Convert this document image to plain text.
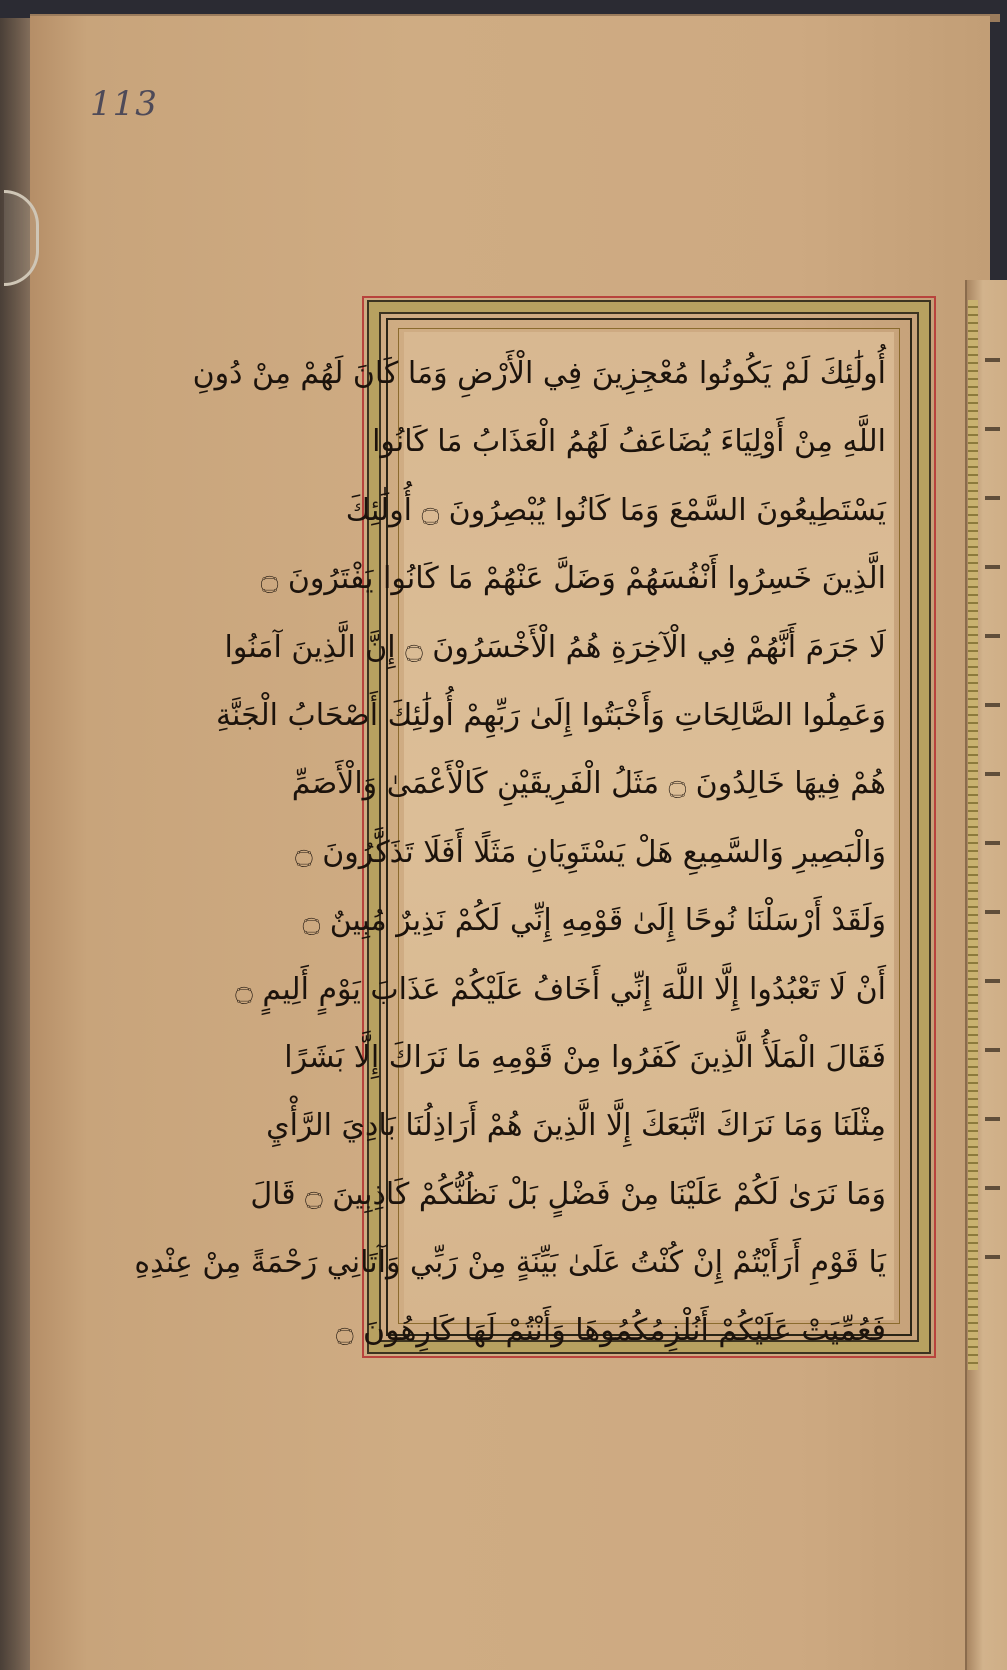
113
أُولَٰئِكَ لَمْ يَكُونُوا مُعْجِزِينَ فِي الْأَرْضِ وَمَا كَانَ لَهُمْ مِنْ دُونِ
اللَّهِ مِنْ أَوْلِيَاءَ يُضَاعَفُ لَهُمُ الْعَذَابُ مَا كَانُوا
يَسْتَطِيعُونَ السَّمْعَ وَمَا كَانُوا يُبْصِرُونَ ۝ أُولَٰئِكَ
الَّذِينَ خَسِرُوا أَنْفُسَهُمْ وَضَلَّ عَنْهُمْ مَا كَانُوا يَفْتَرُونَ ۝
لَا جَرَمَ أَنَّهُمْ فِي الْآخِرَةِ هُمُ الْأَخْسَرُونَ ۝ إِنَّ الَّذِينَ آمَنُوا
وَعَمِلُوا الصَّالِحَاتِ وَأَخْبَتُوا إِلَىٰ رَبِّهِمْ أُولَٰئِكَ أَصْحَابُ الْجَنَّةِ
هُمْ فِيهَا خَالِدُونَ ۝ مَثَلُ الْفَرِيقَيْنِ كَالْأَعْمَىٰ وَالْأَصَمِّ
وَالْبَصِيرِ وَالسَّمِيعِ هَلْ يَسْتَوِيَانِ مَثَلًا أَفَلَا تَذَكَّرُونَ ۝
وَلَقَدْ أَرْسَلْنَا نُوحًا إِلَىٰ قَوْمِهِ إِنِّي لَكُمْ نَذِيرٌ مُبِينٌ ۝
أَنْ لَا تَعْبُدُوا إِلَّا اللَّهَ إِنِّي أَخَافُ عَلَيْكُمْ عَذَابَ يَوْمٍ أَلِيمٍ ۝
فَقَالَ الْمَلَأُ الَّذِينَ كَفَرُوا مِنْ قَوْمِهِ مَا نَرَاكَ إِلَّا بَشَرًا
مِثْلَنَا وَمَا نَرَاكَ اتَّبَعَكَ إِلَّا الَّذِينَ هُمْ أَرَاذِلُنَا بَادِيَ الرَّأْيِ
وَمَا نَرَىٰ لَكُمْ عَلَيْنَا مِنْ فَضْلٍ بَلْ نَظُنُّكُمْ كَاذِبِينَ ۝ قَالَ
يَا قَوْمِ أَرَأَيْتُمْ إِنْ كُنْتُ عَلَىٰ بَيِّنَةٍ مِنْ رَبِّي وَآتَانِي رَحْمَةً مِنْ عِنْدِهِ
فَعُمِّيَتْ عَلَيْكُمْ أَنُلْزِمُكُمُوهَا وَأَنْتُمْ لَهَا كَارِهُونَ ۝
